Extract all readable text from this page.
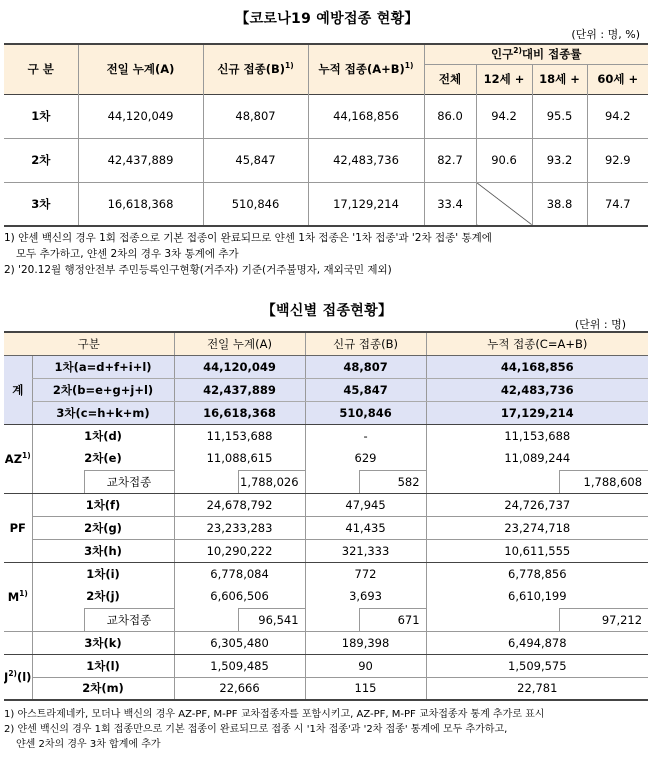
【코로나19 예방접종 현황】
(단위 : 명, %)
구 분	전일 누계(A)	신규 접종$(B)^{1)}$	누적 접종$(A+B)^{1)}$	인구$^{2)}$대비 접종률			
				전체	12세 +	18세 +	60세 +
1차	44,120,049	48,807	44,168,856	86.0	94.2	95.5	94.2
2차	42,437,889	45,847	42,483,736	82.7	90.6	93.2	92.9
3차	16,618,368	510,846	17,129,214	33.4		38.8	74.7
1) 얀센 백신의 경우 1회 접종으로 기본 접종이 완료되므로 얀센 1차 접종은 '1차 접종'과 '2차 접종' 통계에
모두 추가하고, 얀센 2차의 경우 3차 통계에 추가
2) '20.12월 행정안전부 주민등록인구현황(거주자) 기준(거주불명자, 재외국민 제외)
【백신별 접종현황】
(단위 : 명)
구분			전일 누계(A)		신규 접종(B)		누적 접종(C=A+B)	
계	1차(a=d+f+i+l)		44,120,049		48,807		44,168,856	
	2차(b=e+g+j+l)		42,437,889		45,847		42,483,736	
	3차(c=h+k+m)		16,618,368		510,846		17,129,214	
AZ$^{1)}$	1차(d)		11,153,688		-		11,153,688	
	2차(e)		11,088,615		629		11,089,244	
		교차접종		1,788,026		582		1,788,608
PF	1차(f)		24,678,792		47,945		24,726,737	
	2차(g)		23,233,283		41,435		23,274,718	
	3차(h)		10,290,222		321,333		10,611,555	
$M^{1)}$	1차(i)		6,778,084		772		6,778,856	
	2차(j)		6,606,506		3,693		6,610,199	
		교차접종		96,541		671		97,212
	3차(k)		6,305,480		189,398		6,494,878	
$J^{2)}(l)$	1차(l)		1,509,485		90		1,509,575	
	2차(m)		22,666		115		22,781	
1) 아스트라제네카, 모더나 백신의 경우 AZ-PF, M-PF 교차접종자를 포함시키고, AZ-PF, M-PF 교차접종자 통계 추가로 표시
2) 얀센 백신의 경우 1회 접종만으로 기본 접종이 완료되므로 접종 시 '1차 접종'과 '2차 접종' 통계에 모두 추가하고,
얀센 2차의 경우 3차 합계에 추가
